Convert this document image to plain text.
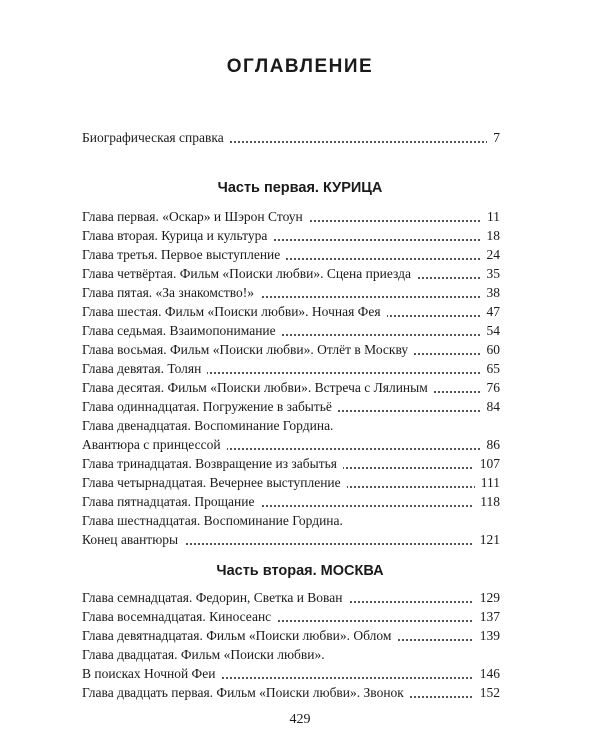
ОГЛАВЛЕНИЕ
Биографическая справка	7
Часть первая. КУРИЦА
Глава первая. «Оскар» и Шэрон Стоун	11
Глава вторая. Курица и культура	18
Глава третья. Первое выступление	24
Глава четвёртая. Фильм «Поиски любви». Сцена приезда	35
Глава пятая. «За знакомство!»	38
Глава шестая. Фильм «Поиски любви». Ночная Фея	47
Глава седьмая. Взаимопонимание	54
Глава восьмая. Фильм «Поиски любви». Отлёт в Москву	60
Глава девятая. Толян	65
Глава десятая. Фильм «Поиски любви». Встреча с Лялиным	76
Глава одиннадцатая. Погружение в забытьё	84
Глава двенадцатая. Воспоминание Гордина.
Авантюра с принцессой	86
Глава тринадцатая. Возвращение из забытья	107
Глава четырнадцатая. Вечернее выступление	111
Глава пятнадцатая. Прощание	118
Глава шестнадцатая. Воспоминание Гордина.
Конец авантюры	121
Часть вторая. МОСКВА
Глава семнадцатая. Федорин, Светка и Вован	129
Глава восемнадцатая. Киносеанс	137
Глава девятнадцатая. Фильм «Поиски любви». Облом	139
Глава двадцатая. Фильм «Поиски любви».
В поисках Ночной Феи	146
Глава двадцать первая. Фильм «Поиски любви». Звонок	152
429
